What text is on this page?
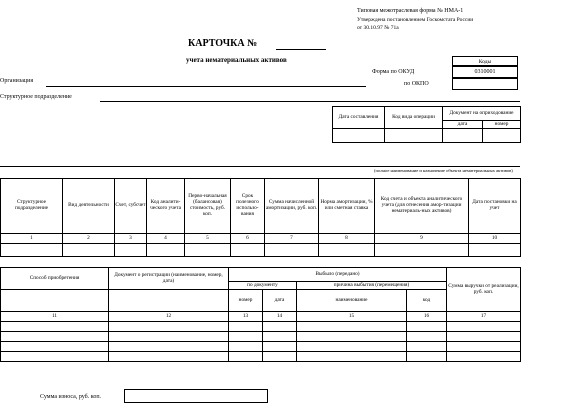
Типовая межотраслевая форма № НМА-1
Утверждена постановлением Госкомстата России
от 30.10.97 № 71а
КАРТОЧКА №
учета нематериальных активов	Коды
Форма по ОКУД	0310001
по ОКПО
Организация
Структурное подразделение
Дата составления	Код вида операции	Документ на оприходование	
		дата	номер

(полное наименование и назначение объекта нематериальных активов)
Структурное подразделение	Вид деятельности	Счет, субсчет	Код аналити-ческого учета	Перво-начальная (балансовая) стоимость, руб. коп.	Срок полезного использо-вания	Сумма начисленной амортизации, руб. коп.	Норма амортизации, % или сметная ставка	Код счета и объекта аналитического учета (для отнесения амор-тизации нематериаль-ных активов)	Дата постановки на учет
1	2	3	4	5	6	7	8	9	10

Способ приобретения	Документ о регистрации (наименование, номер, дата)	Выбыло (передано)				Сумма выручки от реализации, руб. коп.
		по документу		причина выбытия (перемещения)		
		номер	дата	наименование	код	
11	12	13	14	15	16	17

Сумма износа, руб. коп.
